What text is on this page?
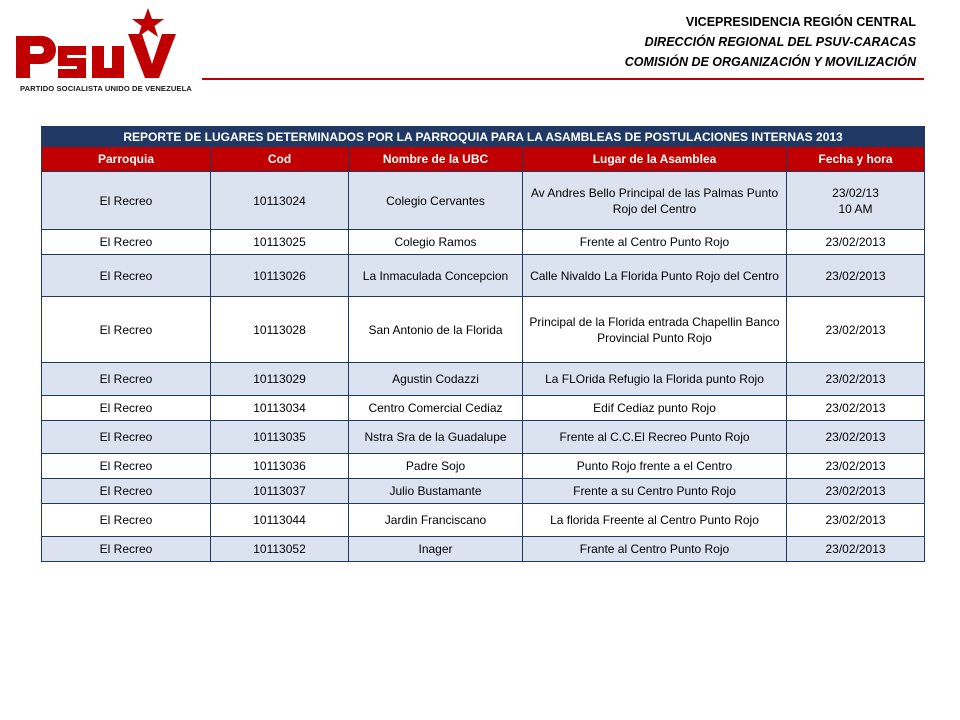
PARTIDO SOCIALISTA UNIDO DE VENEZUELA
VICEPRESIDENCIA REGIÓN CENTRAL
DIRECCIÓN REGIONAL DEL PSUV-CARACAS
COMISIÓN DE ORGANIZACIÓN Y MOVILIZACIÓN
REPORTE DE LUGARES DETERMINADOS POR LA PARROQUIA PARA LA ASAMBLEAS DE POSTULACIONES INTERNAS 2013				
Parroquia	Cod	Nombre de la UBC	Lugar de la Asamblea	Fecha y hora
El Recreo	10113024	Colegio Cervantes	Av Andres Bello Principal de las Palmas Punto Rojo del Centro	23/02/13
10 AM

El Recreo	10113025	Colegio Ramos	Frente al Centro Punto Rojo	23/02/2013
El Recreo	10113026	La Inmaculada Concepcion	Calle Nivaldo La Florida Punto Rojo del Centro	23/02/2013
El Recreo	10113028	San Antonio de la Florida	Principal de la Florida entrada Chapellin Banco Provincial Punto Rojo	23/02/2013
El Recreo	10113029	Agustin Codazzi	La FLOrida Refugio la Florida punto Rojo	23/02/2013
El Recreo	10113034	Centro Comercial Cediaz	Edif Cediaz punto Rojo	23/02/2013
El Recreo	10113035	Nstra Sra de la Guadalupe	Frente al C.C.El Recreo Punto Rojo	23/02/2013
El Recreo	10113036	Padre Sojo	Punto Rojo frente a el Centro	23/02/2013
El Recreo	10113037	Julio Bustamante	Frente a su Centro Punto Rojo	23/02/2013
El Recreo	10113044	Jardin Franciscano	La florida Freente al Centro Punto Rojo	23/02/2013
El Recreo	10113052	Inager	Frante al Centro Punto Rojo	23/02/2013
